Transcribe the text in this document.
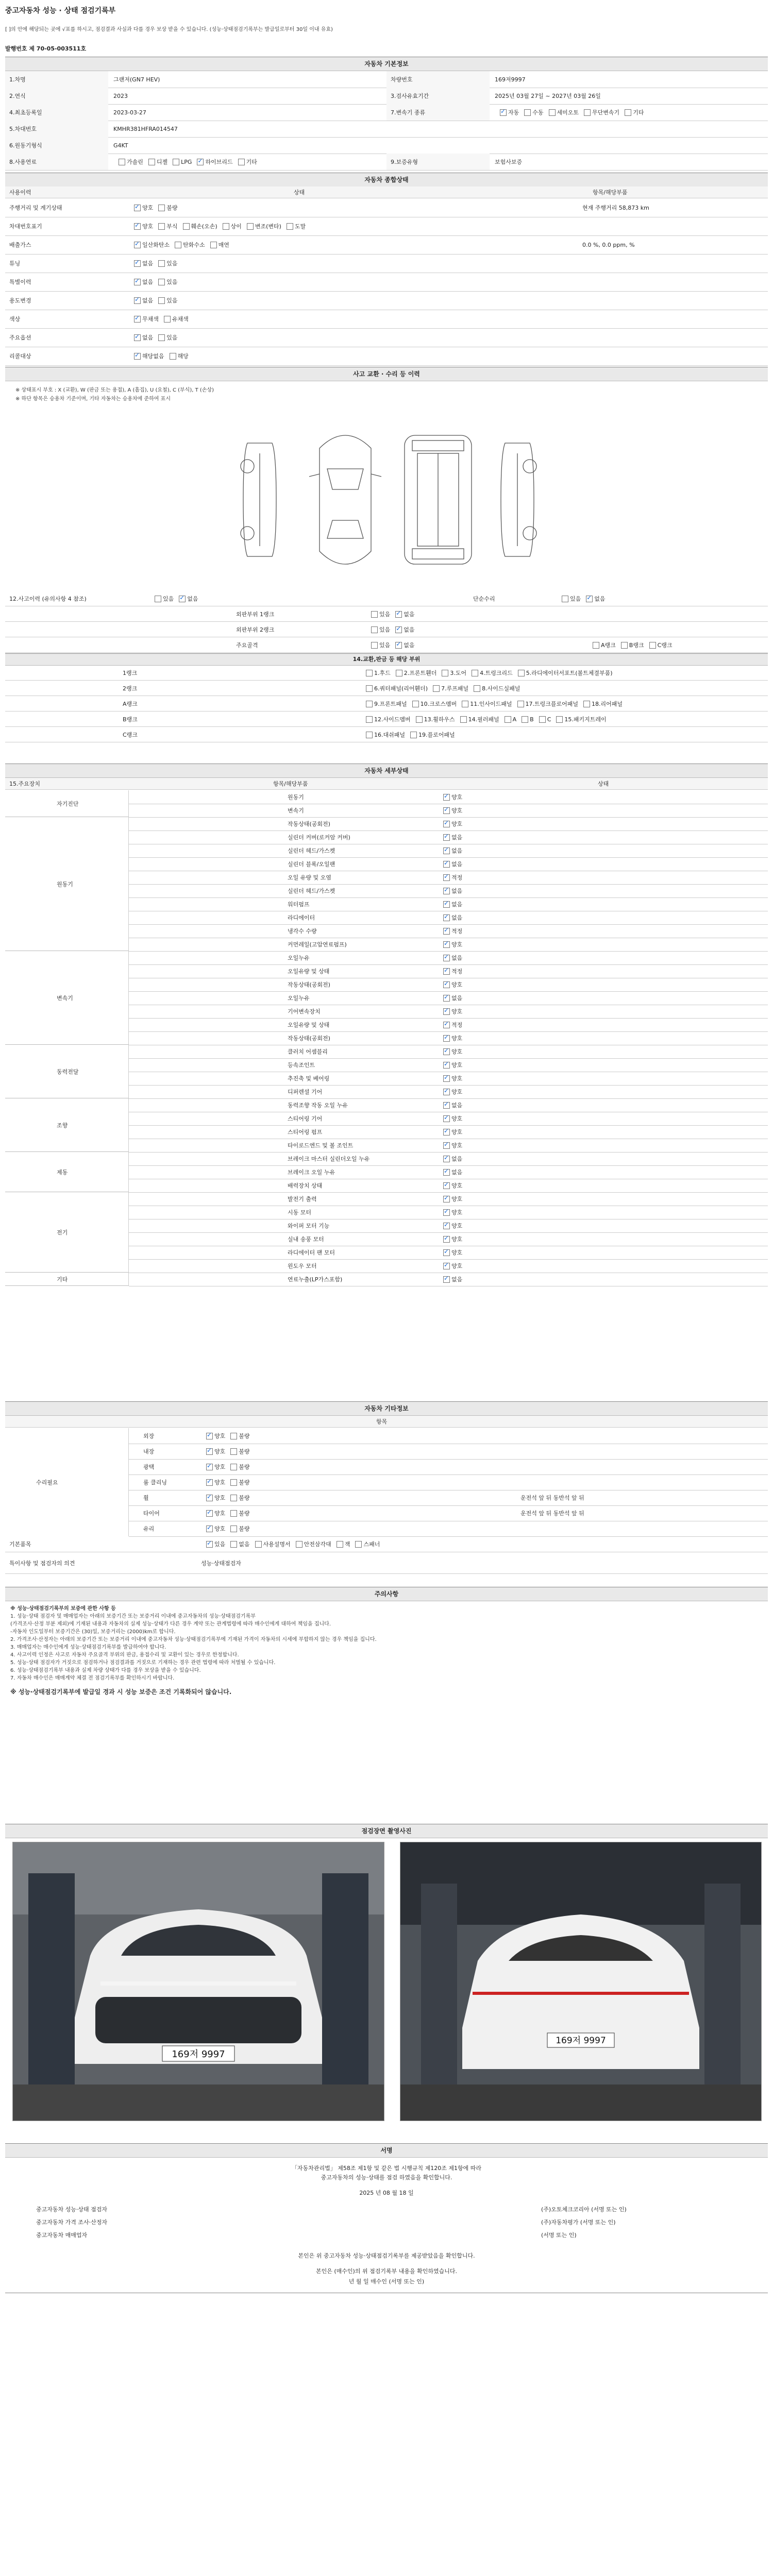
중고자동차 성능 · 상태 점검기록부
[ ]의 안에 해당되는 곳에 √표를 하시고, 점검결과 사실과 다를 경우 보상 받을 수 있습니다. (성능·상태점검기록부는 발급일로부터 30일 이내 유효)
발행번호 제 70-05-003511호
자동차 기본정보
1.차명	그랜저(GN7 HEV)	차량번호	169저9997
2.연식	2023	3.검사유효기간	2025년 03월 27일 ~ 2027년 03월 26일
4.최초등록일	2023-03-27	7.변속기 종류 ✓	자동 수동 세미오토 무단변속기 기타
5.차대번호	KMHR381HFRA014547
6.원동기형식	G4KT
8.사용연료	가솔린 디젤 LPG ✓ 하이브리드 기타	9.보증유형	보험사보증
자동차 종합상태
사용이력	상태	항목/해당부품
주행거리 및 계기상태 ✓	양호 불량	현재 주행거리 58,873 km
차대번호표기 ✓	양호 부식 훼손(오손) 상이 변조(변타) 도말
배출가스 ✓	일산화탄소 탄화수소 매연	0.0 %, 0.0 ppm, %
튜닝 ✓	없음 있음
특별이력 ✓	없음 있음
용도변경 ✓	없음 있음
색상 ✓	무채색 유채색
주요옵션 ✓	없음 있음
리콜대상 ✓	해당없음 해당
사고 교환 · 수리 등 이력
※ 상태표시 부호 : X (교환), W (판금 또는 용접), A (흠집), U (요철), C (부식), T (손상)
※ 하단 항목은 승용차 기준이며, 기타 자동차는 승용차에 준하여 표시
12.사고이력 (유의사항 4 참조)	있음 ✓ 없음	단순수리	있음 ✓ 없음
외판부위 1랭크	있음 ✓ 없음
외판부위 2랭크	있음 ✓ 없음
주요골격	있음 ✓ 없음	A랭크 B랭크 C랭크
14.교환,판금 등 해당 부위
1랭크	1.후드 2.프론트휀더 3.도어 4.트렁크리드 5.라디에이터서포트(볼트체결부품)
2랭크	6.쿼터패널(리어휀더) 7.루프패널 8.사이드실패널
A랭크	9.프론트패널 10.크로스멤버 11.인사이드패널 17.트렁크플로어패널 18.리어패널
B랭크	12.사이드멤버 13.휠하우스 14.필러패널 A B C 15.패키지트레이
C랭크	16.대쉬패널 19.플로어패널
자동차 세부상태
15.주요장치	항목/해당부품	상태
자기진단
원동기 ✓	양호
변속기 ✓	양호
원동기
작동상태(공회전) ✓	양호
실린더 커버(로커암 커버) ✓	없음
실린더 헤드/가스켓 ✓	없음
실린더 블록/오일팬 ✓	없음
오일 유량 및 오염 ✓	적정
실린더 헤드/가스켓 ✓	없음
워터펌프 ✓	없음
라디에이터 ✓	없음
냉각수 수량 ✓	적정
커먼레일(고압연료펌프) ✓	양호
변속기
오일누유 ✓	없음
오일유량 및 상태 ✓	적정
작동상태(공회전) ✓	양호
오일누유 ✓	없음
기어변속장치 ✓	양호
오일유량 및 상태 ✓	적정
작동상태(공회전) ✓	양호
동력전달
클러치 어셈블리 ✓	양호
등속조인트 ✓	양호
추진축 및 베어링 ✓	양호
디퍼렌셜 기어 ✓	양호
조향
동력조향 작동 오일 누유 ✓	없음
스티어링 기어 ✓	양호
스티어링 펌프 ✓	양호
타이로드엔드 및 볼 조인트 ✓	양호
제동
브레이크 마스터 실린더오일 누유 ✓	없음
브레이크 오일 누유 ✓	없음
배력장치 상태 ✓	양호
전기
발전기 출력 ✓	양호
시동 모터 ✓	양호
와이퍼 모터 기능 ✓	양호
실내 송풍 모터 ✓	양호
라디에이터 팬 모터 ✓	양호
윈도우 모터 ✓	양호
기타	연료누출(LP가스포함) ✓	없음
자동차 기타정보
항목
수리필요
외장 ✓	양호 불량
내장 ✓	양호 불량
광택 ✓	양호 불량
룸 클리닝 ✓	양호 불량
휠 ✓	양호 불량	운전석 앞 뒤 동반석 앞 뒤
타이어 ✓	양호 불량	운전석 앞 뒤 동반석 앞 뒤
유리 ✓	양호 불량
기본품목 ✓	있음 없음 사용설명서 안전삼각대 잭 스패너
특이사항 및 점검자의 의견	성능·상태점검자
주의사항
※ 성능·상태점검기록부의 보증에 관한 사항 등
1. 성능·상태 점검자 및 매매업자는 아래의 보증기간 또는 보증거리 이내에 중고자동차의 성능·상태점검기록부
(가격조사·산정 부분 제외)에 기재된 내용과 자동차의 실제 성능·상태가 다른 경우 계약 또는 관계법령에 따라 매수인에게 대하여 책임을 집니다.
-자동차 인도일부터 보증기간은 (30)일, 보증거리는 (2000)km로 합니다.
2. 가격조사·산정자는 아래의 보증기간 또는 보증거리 이내에 중고자동차 성능·상태점검기록부에 기재된 가격이 자동차의 시세에 부합하지 않는 경우 책임을 집니다.
3. 매매업자는 매수인에게 성능·상태점검기록부를 발급하여야 합니다.
4. 사고이력 인정은 사고로 자동차 주요골격 부위의 판금, 용접수리 및 교환이 있는 경우로 한정합니다.
5. 성능·상태 점검자가 거짓으로 점검하거나 점검결과를 거짓으로 기재하는 경우 관련 법령에 따라 처벌될 수 있습니다.
6. 성능·상태점검기록부 내용과 실제 차량 상태가 다를 경우 보상을 받을 수 있습니다.
7. 자동차 매수인은 매매계약 체결 전 점검기록부를 확인하시기 바랍니다.
※ 성능·상태점검기록부에 발급일 경과 시 성능 보증은 조건 기록화되어 않습니다.
점검장면 촬영사진
169저 9997
169저 9997
서명
「자동차관리법」 제58조 제1항 및 같은 법 시행규칙 제120조 제1항에 따라
중고자동차의 성능·상태를 점검 하였음을 확인합니다.
2025 년 08 월 18 일
중고자동차 성능·상태 점검자	(주)오토체크코리아 (서명 또는 인)
중고자동차 가격 조사·산정자	(주)자동차평가 (서명 또는 인)
중고자동차 매매업자	(서명 또는 인)
본인은 위 중고자동차 성능·상태점검기록부를 제공받았음을 확인합니다.
본인은 (매수인)의 위 점검기록부 내용을 확인하였습니다.
년 월 일 매수인 (서명 또는 인)
